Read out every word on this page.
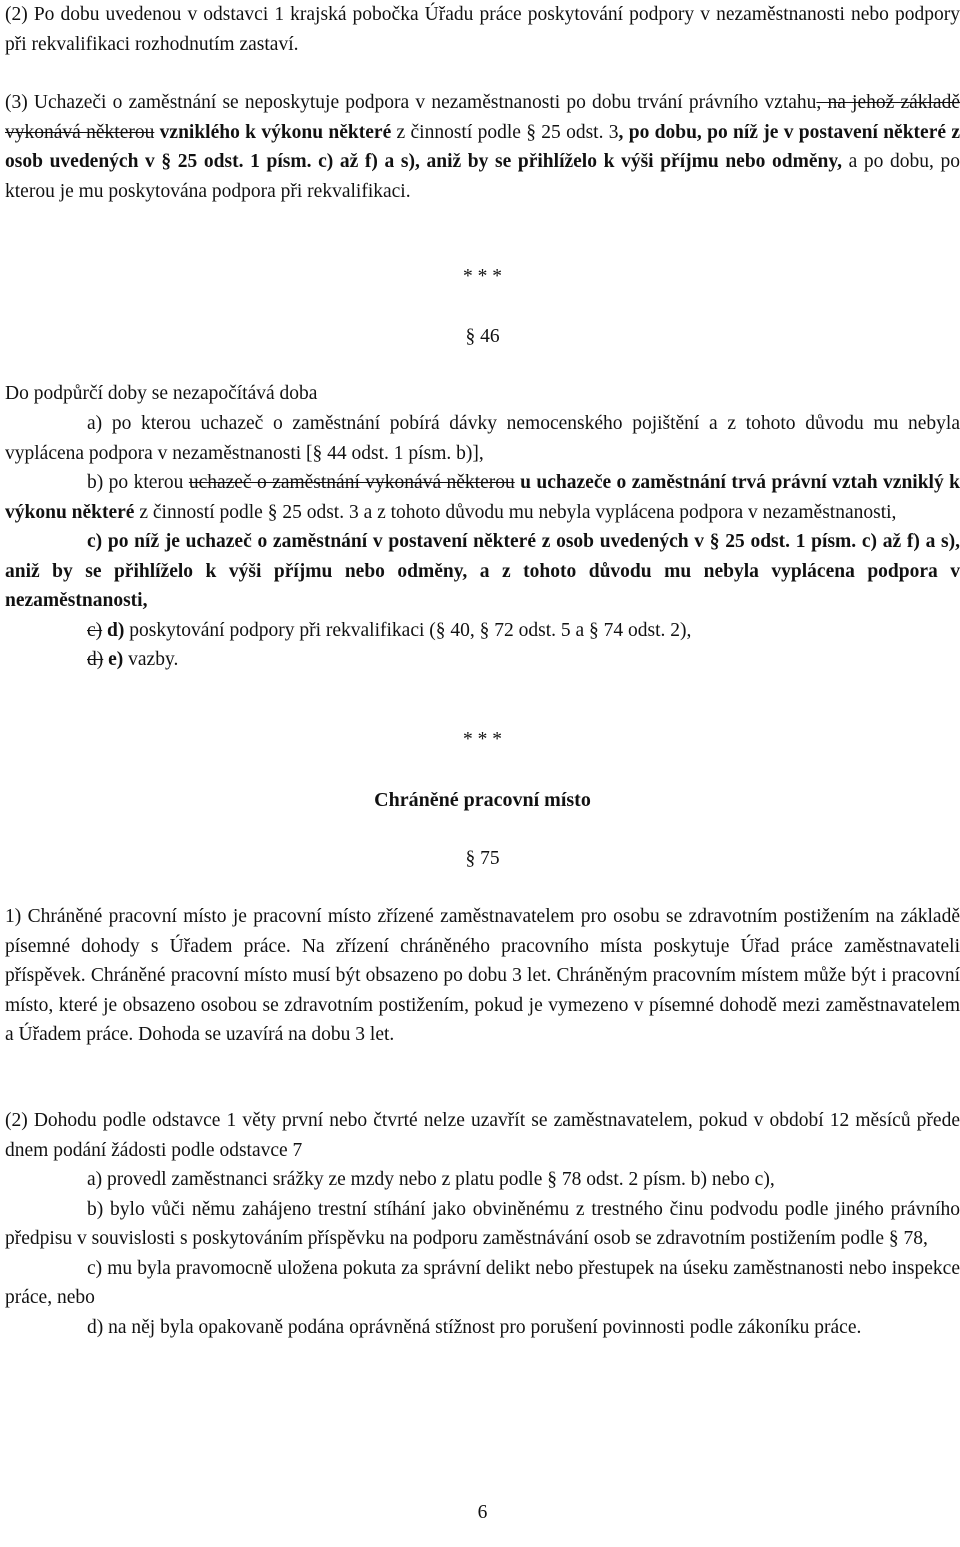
(2) Po dobu uvedenou v odstavci 1 krajská pobočka Úřadu práce poskytování podpory v nezaměstnanosti nebo podpory při rekvalifikaci rozhodnutím zastaví.
(3) Uchazeči o zaměstnání se neposkytuje podpora v nezaměstnanosti po dobu trvání právního vztahu, na jehož základě vykonává některou vzniklého k výkonu některé z činností podle § 25 odst. 3, po dobu, po níž je v postavení některé z osob uvedených v § 25 odst. 1 písm. c) až f) a s), aniž by se přihlíželo k výši příjmu nebo odměny, a po dobu, po kterou je mu poskytována podpora při rekvalifikaci.
* * *
§ 46
Do podpůrčí doby se nezapočítává doba
a) po kterou uchazeč o zaměstnání pobírá dávky nemocenského pojištění a z tohoto důvodu mu nebyla vyplácena podpora v nezaměstnanosti [§ 44 odst. 1 písm. b)],
b) po kterou uchazeč o zaměstnání vykonává některou u uchazeče o zaměstnání trvá právní vztah vzniklý k výkonu některé z činností podle § 25 odst. 3 a z tohoto důvodu mu nebyla vyplácena podpora v nezaměstnanosti,
c) po níž je uchazeč o zaměstnání v postavení některé z osob uvedených v § 25 odst. 1 písm. c) až f) a s), aniž by se přihlíželo k výši příjmu nebo odměny, a z tohoto důvodu mu nebyla vyplácena podpora v nezaměstnanosti,
c) d) poskytování podpory při rekvalifikaci (§ 40, § 72 odst. 5 a § 74 odst. 2),
d) e) vazby.
* * *
Chráněné pracovní místo
§ 75
1) Chráněné pracovní místo je pracovní místo zřízené zaměstnavatelem pro osobu se zdravotním postižením na základě písemné dohody s Úřadem práce. Na zřízení chráněného pracovního místa poskytuje Úřad práce zaměstnavateli příspěvek. Chráněné pracovní místo musí být obsazeno po dobu 3 let. Chráněným pracovním místem může být i pracovní místo, které je obsazeno osobou se zdravotním postižením, pokud je vymezeno v písemné dohodě mezi zaměstnavatelem a Úřadem práce. Dohoda se uzavírá na dobu 3 let.
(2) Dohodu podle odstavce 1 věty první nebo čtvrté nelze uzavřít se zaměstnavatelem, pokud v období 12 měsíců přede dnem podání žádosti podle odstavce 7
a) provedl zaměstnanci srážky ze mzdy nebo z platu podle § 78 odst. 2 písm. b) nebo c),
b) bylo vůči němu zahájeno trestní stíhání jako obviněnému z trestného činu podvodu podle jiného právního předpisu v souvislosti s poskytováním příspěvku na podporu zaměstnávání osob se zdravotním postižením podle § 78,
c) mu byla pravomocně uložena pokuta za správní delikt nebo přestupek na úseku zaměstnanosti nebo inspekce práce, nebo
d) na něj byla opakovaně podána oprávněná stížnost pro porušení povinnosti podle zákoníku práce.
6
